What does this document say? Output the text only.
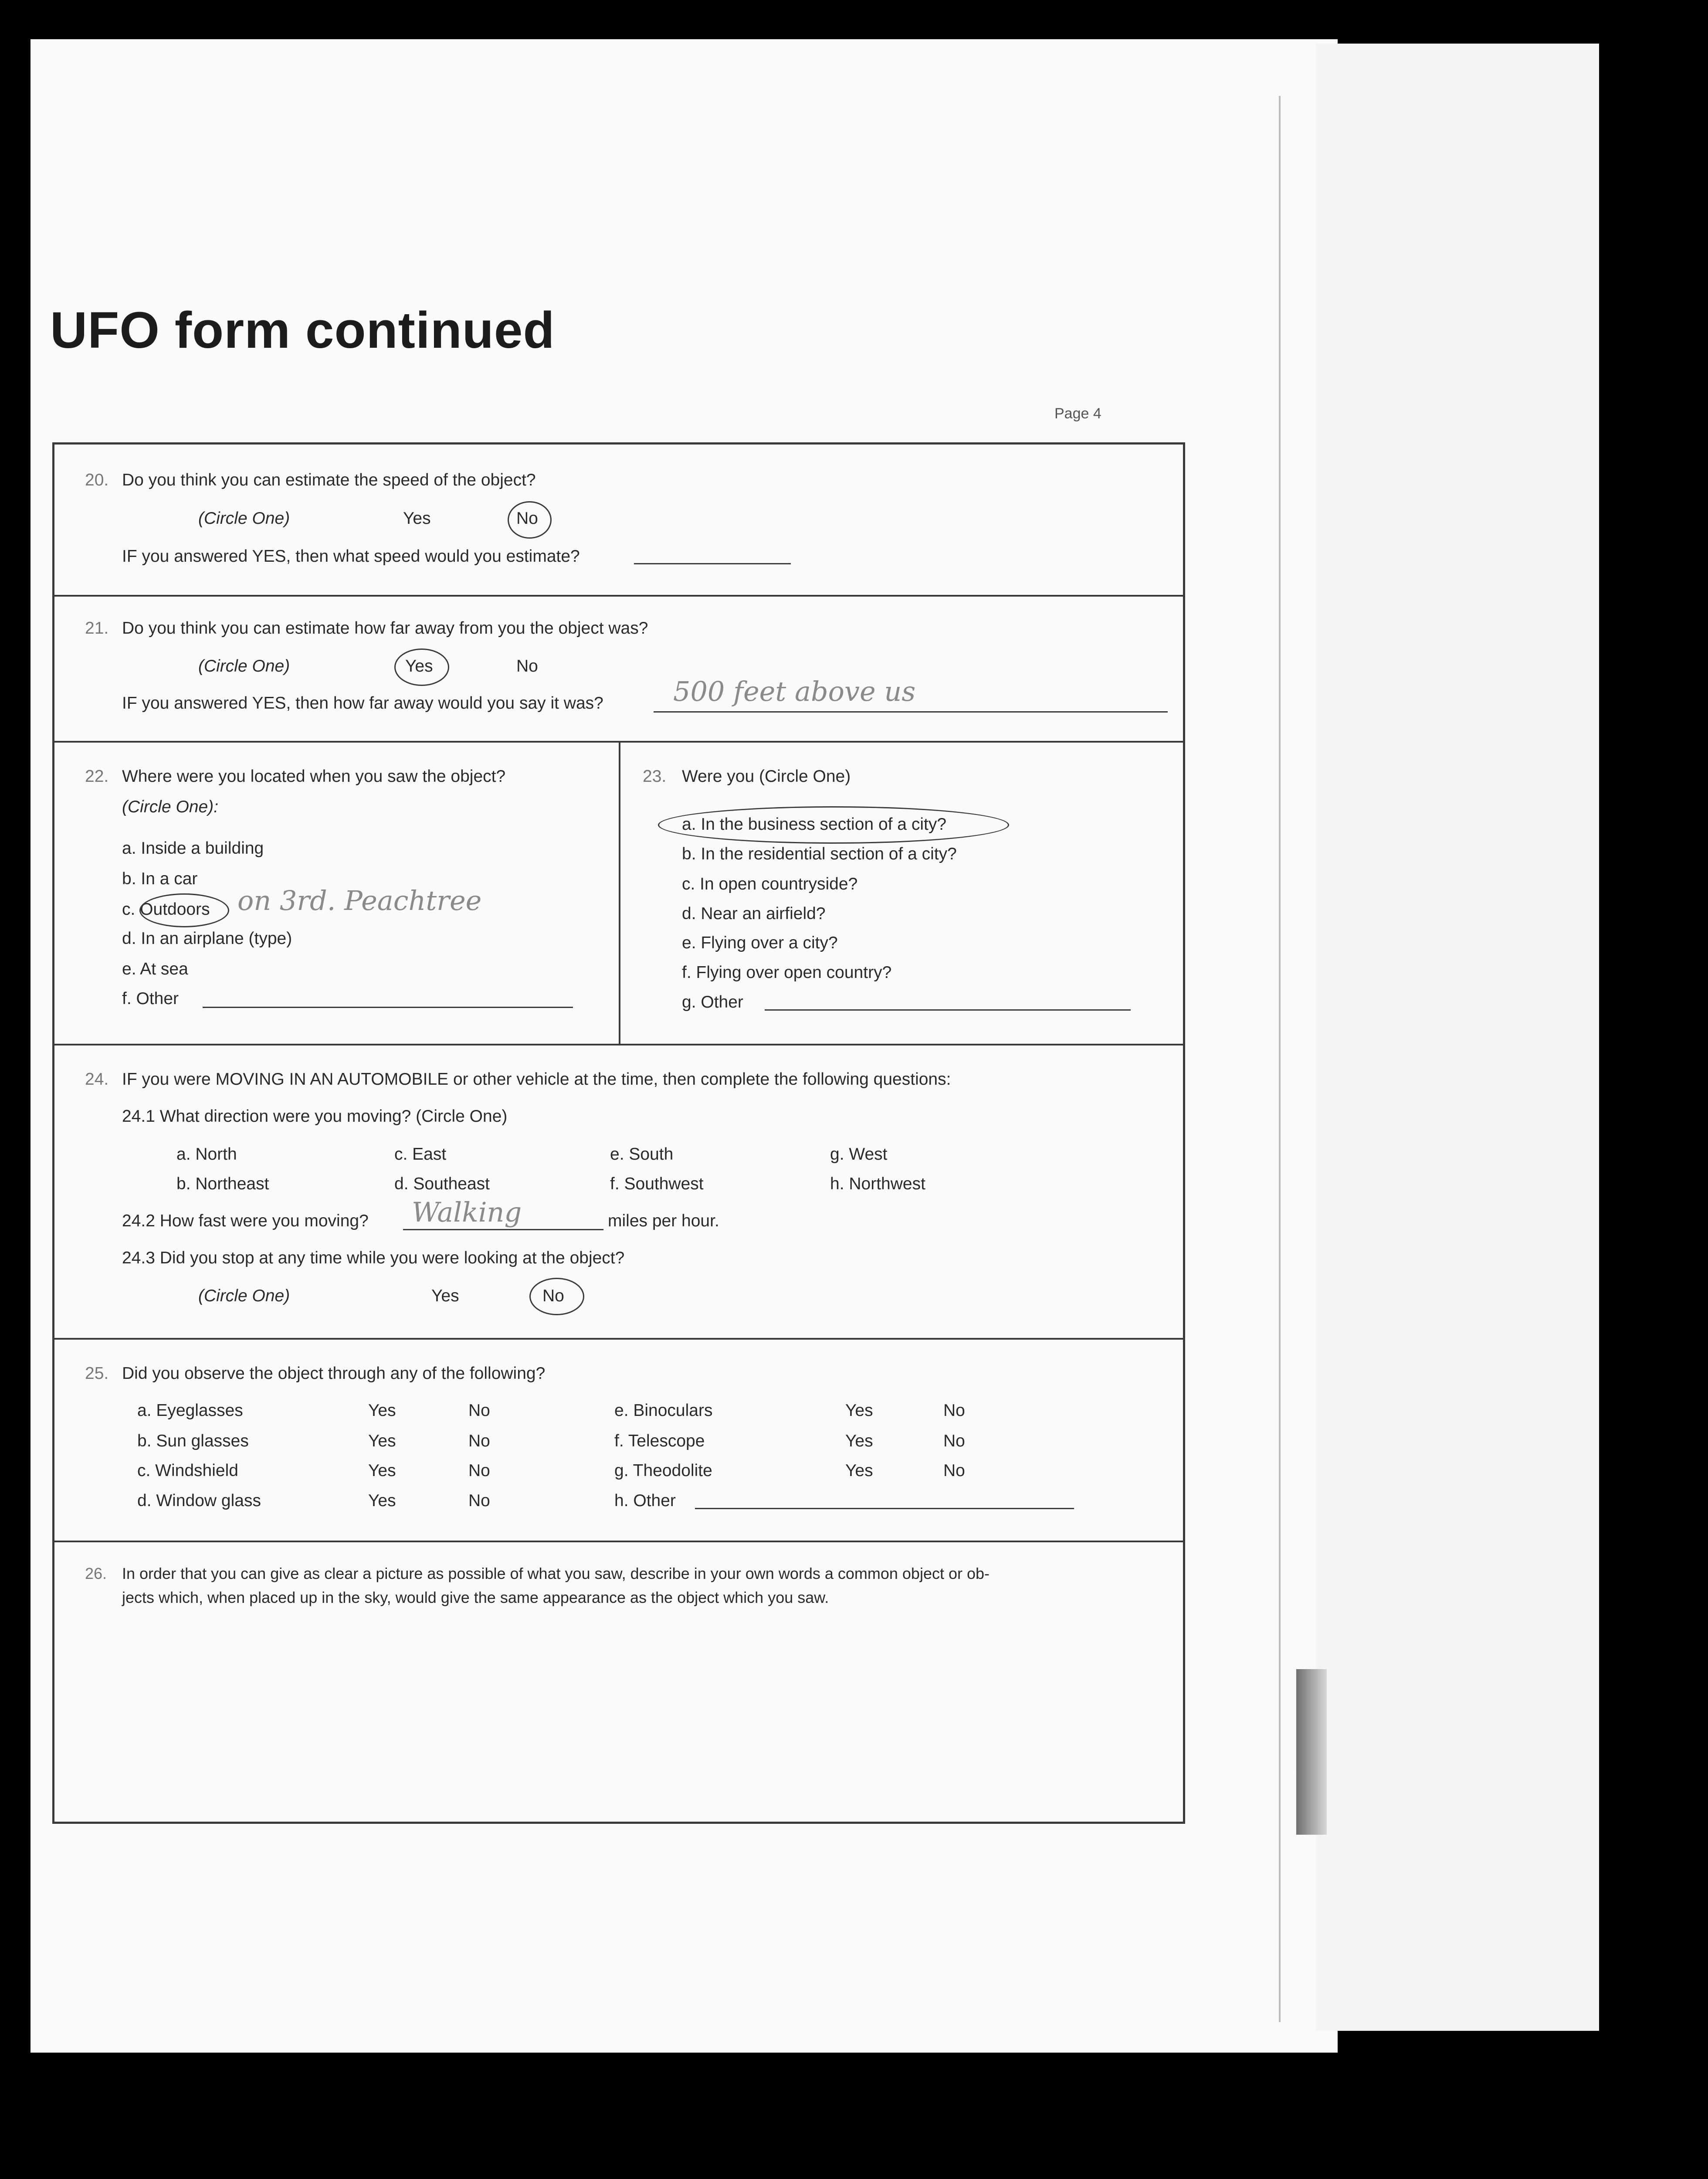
UFO form continued
Page 4
20. Do you think you can estimate the speed of the object?
(Circle One)	Yes	No
IF you answered YES, then what speed would you estimate?
21. Do you think you can estimate how far away from you the object was?
(Circle One)	Yes	No
IF you answered YES, then how far away would you say it was?	500 feet above us
22. Where were you located when you saw the object?
(Circle One):
a. Inside a building
b. In a car
c. Outdoors on 3rd. Peachtree
d. In an airplane (type)
e. At sea
f. Other
23. Were you (Circle One)
a. In the business section of a city?
b. In the residential section of a city?
c. In open countryside?
d. Near an airfield?
e. Flying over a city?
f. Flying over open country?
g. Other
24. IF you were MOVING IN AN AUTOMOBILE or other vehicle at the time, then complete the following questions:
24.1 What direction were you moving? (Circle One)
a. North	c. East	e. South	g. West
b. Northeast	d. Southeast	f. Southwest	h. Northwest
24.2 How fast were you moving? Walking	miles per hour.
24.3 Did you stop at any time while you were looking at the object?
(Circle One)	Yes	No
25. Did you observe the object through any of the following?
a. Eyeglasses	Yes	No	e. Binoculars	Yes	No
b. Sun glasses	Yes	No	f. Telescope	Yes	No
c. Windshield	Yes	No	g. Theodolite	Yes	No
d. Window glass	Yes	No	h. Other
26. In order that you can give as clear a picture as possible of what you saw, describe in your own words a common object or ob-
jects which, when placed up in the sky, would give the same appearance as the object which you saw.
